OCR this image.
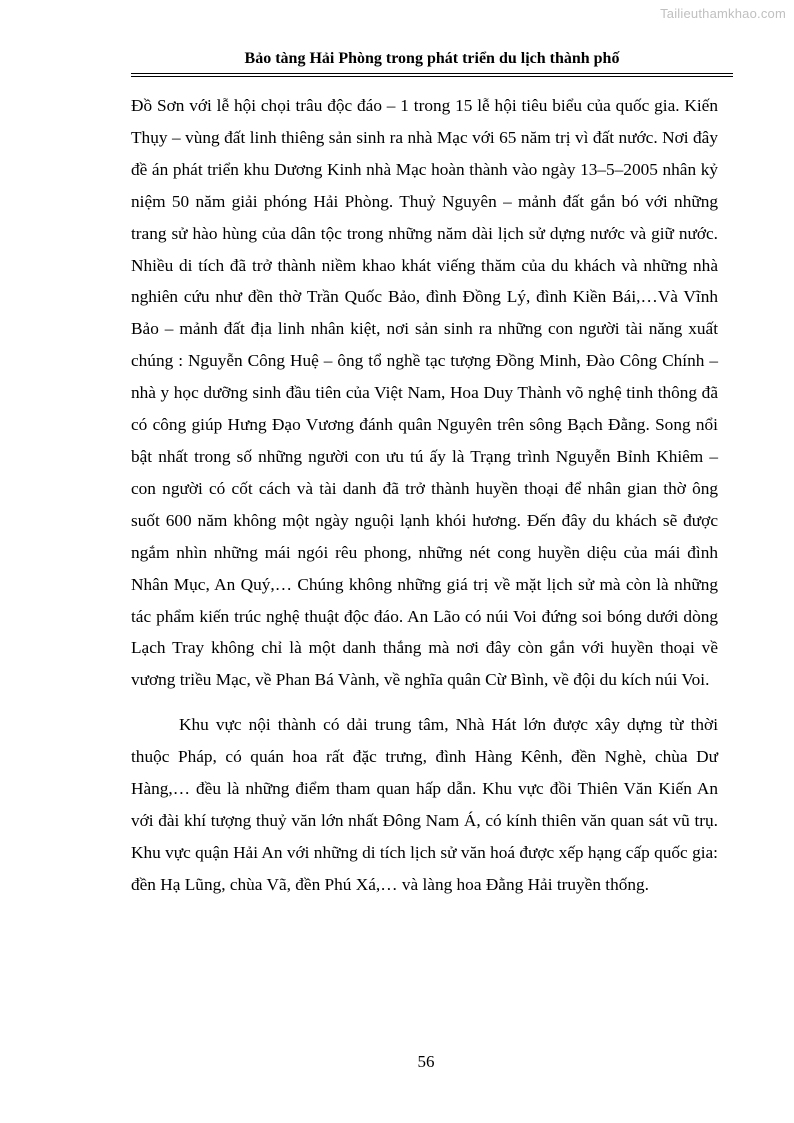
Tailieuthamkhao.com
Bảo tàng Hải Phòng trong phát triển du lịch thành phố

Đồ Sơn với lễ hội chọi trâu độc đáo – 1 trong 15 lễ hội tiêu biểu của quốc gia. Kiến Thụy – vùng đất linh thiêng sản sinh ra nhà Mạc với 65 năm trị vì đất nước. Nơi đây đề án phát triển khu Dương Kinh nhà Mạc hoàn thành vào ngày 13–5–2005 nhân kỷ niệm 50 năm giải phóng Hải Phòng. Thuỷ Nguyên – mảnh đất gắn bó với những trang sử hào hùng của dân tộc trong những năm dài lịch sử dựng nước và giữ nước. Nhiều di tích đã trở thành niềm khao khát viếng thăm của du khách và những nhà nghiên cứu như đền thờ Trần Quốc Bảo, đình Đồng Lý, đình Kiền Bái,…Và Vĩnh Bảo – mảnh đất địa linh nhân kiệt, nơi sản sinh ra những con người tài năng xuất chúng : Nguyễn Công Huệ – ông tổ nghề tạc tượng Đồng Minh, Đào Công Chính – nhà y học dưỡng sinh đầu tiên của Việt Nam, Hoa Duy Thành võ nghệ tinh thông đã có công giúp Hưng Đạo Vương đánh quân Nguyên trên sông Bạch Đằng. Song nổi bật nhất trong số những người con ưu tú ấy là Trạng trình Nguyễn Bỉnh Khiêm – con người có cốt cách và tài danh đã trở thành huyền thoại để nhân gian thờ ông suốt 600 năm không một ngày nguội lạnh khói hương. Đến đây du khách sẽ được ngắm nhìn những mái ngói rêu phong, những nét cong huyền diệu của mái đình Nhân Mục, An Quý,… Chúng không những giá trị về mặt lịch sử mà còn là những tác phẩm kiến trúc nghệ thuật độc đáo. An Lão có núi Voi đứng soi bóng dưới dòng Lạch Tray không chỉ là một danh thắng mà nơi đây còn gắn với huyền thoại về vương triều Mạc, về Phan Bá Vành, về nghĩa quân Cừ Bình, về đội du kích núi Voi.

Khu vực nội thành có dải trung tâm, Nhà Hát lớn được xây dựng từ thời thuộc Pháp, có quán hoa rất đặc trưng, đình Hàng Kênh, đền Nghè, chùa Dư Hàng,… đều là những điểm tham quan hấp dẫn. Khu vực đồi Thiên Văn Kiến An với đài khí tượng thuỷ văn lớn nhất Đông Nam Á, có kính thiên văn quan sát vũ trụ. Khu vực quận Hải An với những di tích lịch sử văn hoá được xếp hạng cấp quốc gia: đền Hạ Lũng, chùa Vã, đền Phú Xá,… và làng hoa Đằng Hải truyền thống.

56
